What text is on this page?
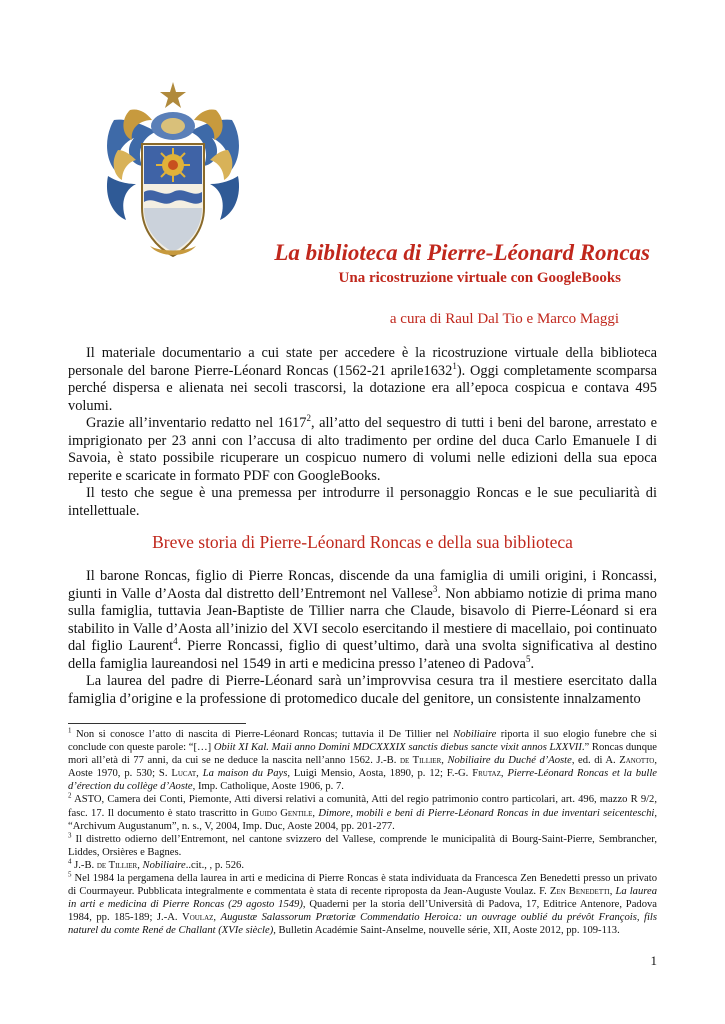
La biblioteca di Pierre-Léonard Roncas
Una ricostruzione virtuale con GoogleBooks
a cura di Raul Dal Tio e Marco Maggi

Il materiale documentario a cui state per accedere è la ricostruzione virtuale della biblioteca personale del barone Pierre-Léonard Roncas (1562-21 aprile1632$^1$). Oggi completamente scomparsa perché dispersa e alienata nei secoli trascorsi, la dotazione era all’epoca cospicua e contava 495 volumi.

Grazie all’inventario redatto nel 1617$^2$, all’atto del sequestro di tutti i beni del barone, arrestato e imprigionato per 23 anni con l’accusa di alto tradimento per ordine del duca Carlo Emanuele I di Savoia, è stato possibile ricuperare un cospicuo numero di volumi nelle edizioni della sua epoca reperite e scaricate in formato PDF con GoogleBooks.

Il testo che segue è una premessa per introdurre il personaggio Roncas e le sue peculiarità di intellettuale.

Breve storia di Pierre-Léonard Roncas e della sua biblioteca

Il barone Roncas, figlio di Pierre Roncas, discende da una famiglia di umili origini, i Roncassi, giunti in Valle d’Aosta dal distretto dell’Entremont nel Vallese$^3$. Non abbiamo notizie di prima mano sulla famiglia, tuttavia Jean-Baptiste de Tillier narra che Claude, bisavolo di Pierre-Léonard si era stabilito in Valle d’Aosta all’inizio del XVI secolo esercitando il mestiere di macellaio, poi continuato dal figlio Laurent$^4$. Pierre Roncassi, figlio di quest’ultimo, darà una svolta significativa al destino della famiglia laureandosi nel 1549 in arti e medicina presso l’ateneo di Padova$^5$.

La laurea del padre di Pierre-Léonard sarà un’improvvisa cesura tra il mestiere esercitato dalla famiglia d’origine e la professione di protomedico ducale del genitore, un consistente innalzamento

$^1$ Non si conosce l’atto di nascita di Pierre-Léonard Roncas; tuttavia il De Tillier nel Nobiliaire riporta il suo elogio funebre che si conclude con queste parole: “[…] Obiit XI Kal. Maii anno Domini MDCXXXIX sanctis diebus sancte vixit annos LXXVII.” Roncas dunque morì all’età di 77 anni, da cui se ne deduce la nascita nell’anno 1562. J.-B. de Tillier, Nobiliaire du Duché d’Aoste, ed. di A. Zanotto, Aoste 1970, p. 530; S. Lucat, La maison du Pays, Luigi Mensio, Aosta, 1890, p. 12; F.-G. Frutaz, Pierre-Léonard Roncas et la bulle d’érection du collège d’Aoste, Imp. Catholique, Aoste 1906, p. 7.

$^2$ ASTO, Camera dei Conti, Piemonte, Atti diversi relativi a comunità, Atti del regio patrimonio contro particolari, art. 496, mazzo R 9/2, fasc. 17. Il documento è stato trascritto in Guido Gentile, Dimore, mobili e beni di Pierre-Léonard Roncas in due inventari seicenteschi, “Archivum Augustanum”, n. s., V, 2004, Imp. Duc, Aoste 2004, pp. 201-277.

$^3$ Il distretto odierno dell’Entremont, nel cantone svizzero del Vallese, comprende le municipalità di Bourg-Saint-Pierre, Sembrancher, Liddes, Orsières e Bagnes.

$^4$ J.-B. de Tillier, Nobiliaire..cit., , p. 526.

$^5$ Nel 1984 la pergamena della laurea in arti e medicina di Pierre Roncas è stata individuata da Francesca Zen Benedetti presso un privato di Courmayeur. Pubblicata integralmente e commentata è stata di recente riproposta da Jean-Auguste Voulaz. F. Zen Benedetti, La laurea in arti e medicina di Pierre Roncas (29 agosto 1549), Quaderni per la storia dell’Università di Padova, 17, Editrice Antenore, Padova 1984, pp. 185-189; J.-A. Voulaz, Augustæ Salassorum Prætoriæ Commendatio Heroica: un ouvrage oublié du prévôt François, fils naturel du comte René de Challant (XVIe siècle), Bulletin Académie Saint-Anselme, nouvelle série, XII, Aoste 2012, pp. 109-113.

1
